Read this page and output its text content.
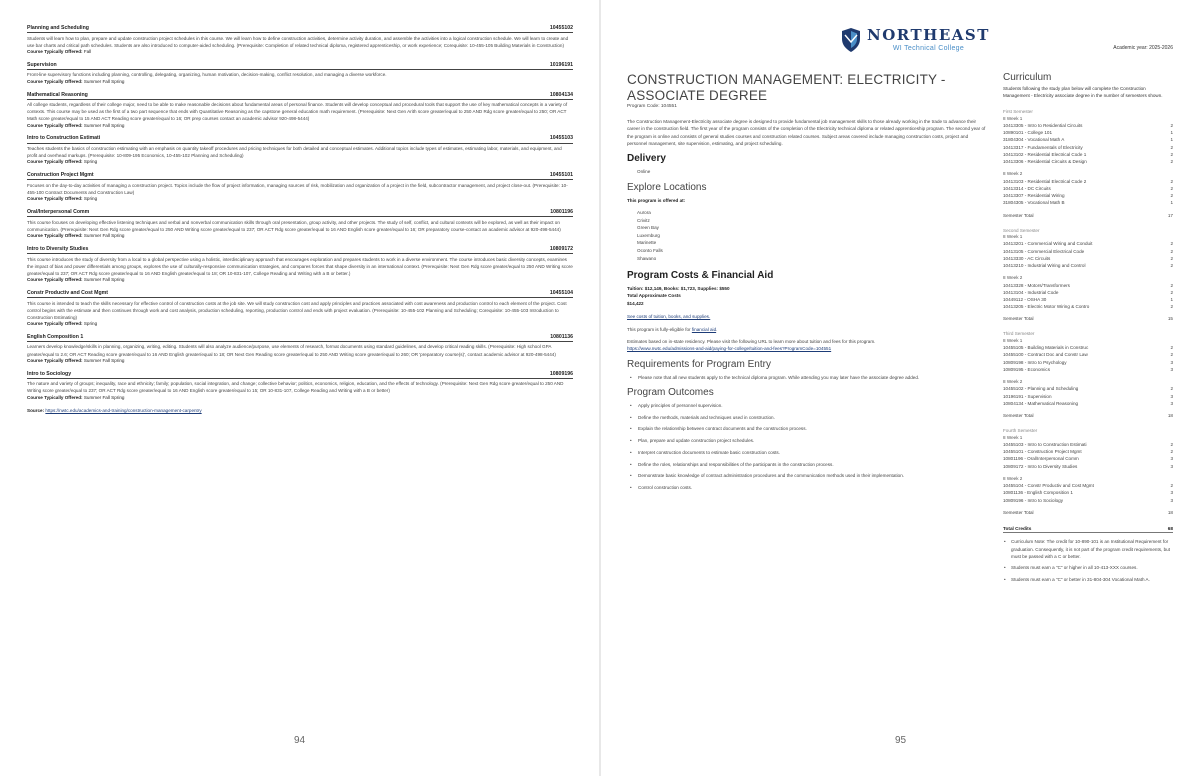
Planning and Scheduling	10455102
Students will learn how to plan, prepare and update construction project schedules in this course. We will learn how to define construction activities, determine activity duration, and assemble the activities into a logical construction schedule. We will learn to create and use bar charts and critical path schedules. Students are also introduced to computer-aided scheduling. (Prerequisite: Completion of related technical diploma, registered apprenticeship, or work experience; Corequisite: 10-455-105 Building Materials in Construction)
Course Typically Offered: Fall
Supervision	10196191
Front-line supervisory functions including planning, controlling, delegating, organizing, human motivation, decision-making, conflict resolution, and managing a diverse workforce.
Course Typically Offered: Summer Fall Spring
Mathematical Reasoning	10804134
All college students, regardless of their college major, need to be able to make reasonable decisions about fundamental areas of personal finance. Students will develop conceptual and procedural tools that support the use of key mathematical concepts in a variety of contexts. This course may be used as the first of a two part sequence that ends with Quantitative Reasoning as the capstone general education math requirement. (Prerequisite: Next Gen Arith score greater/equal to 250 AND Rdg score greater/equal to 250; OR ACT Math score greater/equal to 15 AND ACT Reading score greater/equal to 16; OR prep courses contact an academic advisor 920-498-5444)
Course Typically Offered: Summer Fall Spring
Intro to Construction Estimati	10455103
Teaches students the basics of construction estimating with an emphasis on quantity takeoff procedures and pricing techniques for both detailed and conceptual estimates. Additional topics include types of estimates, estimating labor, materials, and equipment, and profit and overhead markups. (Prerequisite: 10-809-195 Economics, 10-455-102 Planning and Scheduling)
Course Typically Offered: Spring
Construction Project Mgmt	10455101
Focuses on the day-to-day activities of managing a construction project. Topics include the flow of project information, managing sources of risk, mobilization and organization of a project in the field, subcontractor management, and project close-out. (Prerequisite: 10-455-100 Contract Documents and Construction Law)
Course Typically Offered: Spring
Oral/Interpersonal Comm	10801196
This course focuses on developing effective listening techniques and verbal and nonverbal communication skills through oral presentation, group activity, and other projects. The study of self, conflict, and cultural contexts will be explored, as well as their impact on communication. (Prerequisite: Next Gen Rdg score greater/equal to 250 AND Writing score greater/equal to 237; OR ACT Rdg score greater/equal to 16 AND English score greater/equal to 16; OR preparatory course-contact an academic advisor at 920-498-5444)
Course Typically Offered: Summer Fall Spring
Intro to Diversity Studies	10809172
This course introduces the study of diversity from a local to a global perspective using a holistic, interdisciplinary approach that encourages exploration and prepares students to work in a diverse environment. The course introduces basic diversity concepts, examines the impact of bias and power differentials among groups, explores the use of culturally-responsive communication strategies, and compares forces that shape diversity in an international context. (Prerequisite: Next Gen Rdg score greater/equal to 250 AND Writing score greater/equal to 237; OR ACT Rdg score greater/equal to 16 AND English greater/equal to 18; OR 10-831-107, College Reading and Writing with a B or better.)
Course Typically Offered: Summer Fall Spring
Constr Productiv and Cost Mgmt	10455104
This course is intended to teach the skills necessary for effective control of construction costs at the job site. We will study construction cost and apply principles and practices associated with cost awareness and production control to each element of the project. Cost control begins with the estimate and then continues through work and cost analysis, production scheduling, reporting, production control and ends with project evaluation. (Prerequisite: 10-455-102 Planning and Scheduling; Corequisite: 10-455-103 Introduction to Construction Estimating)
Course Typically Offered: Spring
English Composition 1	10801136
Learners develop knowledge/skills in planning, organizing, writing, editing. Students will also analyze audience/purpose, use elements of research, format documents using standard guidelines, and develop critical reading skills. (Prerequisite: High school GPA greater/equal to 2.6; OR ACT Reading score greater/equal to 16 AND English greater/equal to 18; OR Next Gen Reading score greater/equal to 250 AND Writing score greater/equal to 260; OR 'preparatory course(s)', contact academic advisor at 920-498-5444)
Course Typically Offered: Summer Fall Spring
Intro to Sociology	10809196
The nature and variety of groups; inequality, race and ethnicity; family; population, social integration, and change; collective behavior; politics, economics, religion, education, and the effects of technology. (Prerequisite: Next Gen Rdg score greater/equal to 250 AND Writing score greater/equal to 237; OR ACT Rdg score greater/equal to 16 AND English score greater/equal to 15; OR 10-831-107, College Reading and Writing with a B or better)
Course Typically Offered: Summer Fall Spring
Source: https://nwtc.edu/academics-and-training/construction-management-carpentry
94
NORTHEAST
WI Technical College	Academic year: 2025-2026
CONSTRUCTION MANAGEMENT: ELECTRICITY - ASSOCIATE DEGREE
Program Code: 104551
The Construction Management-Electricity associate degree is designed to provide fundamental job management skills to those already working in the trade to advance their career in the construction field. The first year of the program consists of the completion of the Electricity technical diploma or related apprenticeship program. The second year of the program is online and consists of general studies courses and construction related courses. Subject areas covered include managing construction costs, project and personnel management, site supervision, estimating, and project scheduling.
Delivery
Online
Explore Locations
This program is offered at:
Aurora
Crivitz
Green Bay
Luxemburg
Marinette
Oconto Falls
Shawano
Program Costs & Financial Aid
Tuition: $12,149, Books: $1,723, Supplies: $550
Total Approximate Costs
$14,422
See costs of tuition, books, and supplies.
This program is fully-eligible for financial aid.
Estimates based on in-state residency. Please visit the following URL to learn more about tuition and fees for this program.
https://www.nwtc.edu/admissions-and-aid/paying-for-college/tuition-and-fees?ProgramCode=104551
Requirements for Program Entry
• Please note that all new students apply to the technical diploma program. While attending you may later have the associate degree added.
Program Outcomes
• Apply principles of personnel supervision.
• Define the methods, materials and techniques used in construction.
• Explain the relationship between contract documents and the construction process.
• Plan, prepare and update construction project schedules.
• Interpret construction documents to estimate basic construction costs.
• Define the roles, relationships and responsibilities of the participants in the construction process.
• Demonstrate basic knowledge of contract administration procedures and the communication methods used in their implementation.
• Control construction costs.
Curriculum
Students following the study plan below will complete the Construction Management - Electricity associate degree in the number of semesters shown.
First Semester
8 Week 1
10413305 - Intro to Residential Circuits	2
10890101 - College 101	1
31804304 - Vocational Math A	1
10413317 - Fundamentals of Electricity	2
10413102 - Residential Electrical Code 1	2
10413306 - Residential Circuits & Design	2
8 Week 2
10413103 - Residential Electrical Code 2	2
10413314 - DC Circuits	2
10413307 - Residential Wiring	2
31804305 - Vocational Math B	1
Semester Total	17
Second Semester
8 Week 1
10413201 - Commercial Wiring and Conduit	2
10413105 - Commercial Electrical Code	2
10413330 - AC Circuits	2
10413210 - Industrial Wiring and Control	2
8 Week 2
10413328 - Motors/Transformers	2
10413104 - Industrial Code	2
10449112 - OSHA 30	1
10413205 - Electric Motor Wiring & Contro	2
Semester Total	15
Third Semester
8 Week 1
10455105 - Building Materials in Construc	2
10455100 - Contract Doc and Constr Law	2
10809198 - Intro to Psychology	3
10809195 - Economics	3
8 Week 2
10455102 - Planning and Scheduling	2
10196191 - Supervision	3
10804134 - Mathematical Reasoning	3
Semester Total	18
Fourth Semester
8 Week 1
10455103 - Intro to Construction Estimati	2
10455101 - Construction Project Mgmt	2
10801196 - Oral/Interpersonal Comm	3
10809172 - Intro to Diversity Studies	3
8 Week 2
10455104 - Constr Productiv and Cost Mgmt	2
10801136 - English Composition 1	3
10809196 - Intro to Sociology	3
Semester Total	18
Total Credits	68
• Curriculum Note: The credit for 10-890-101 is an Institutional Requirement for graduation. Consequently, it is not part of the program credit requirements, but must be passed with a C or better.
• Students must earn a "C" or higher in all 10-413-XXX courses.
• Students must earn a "C" or better in 31-804-304 Vocational Math A.
95
